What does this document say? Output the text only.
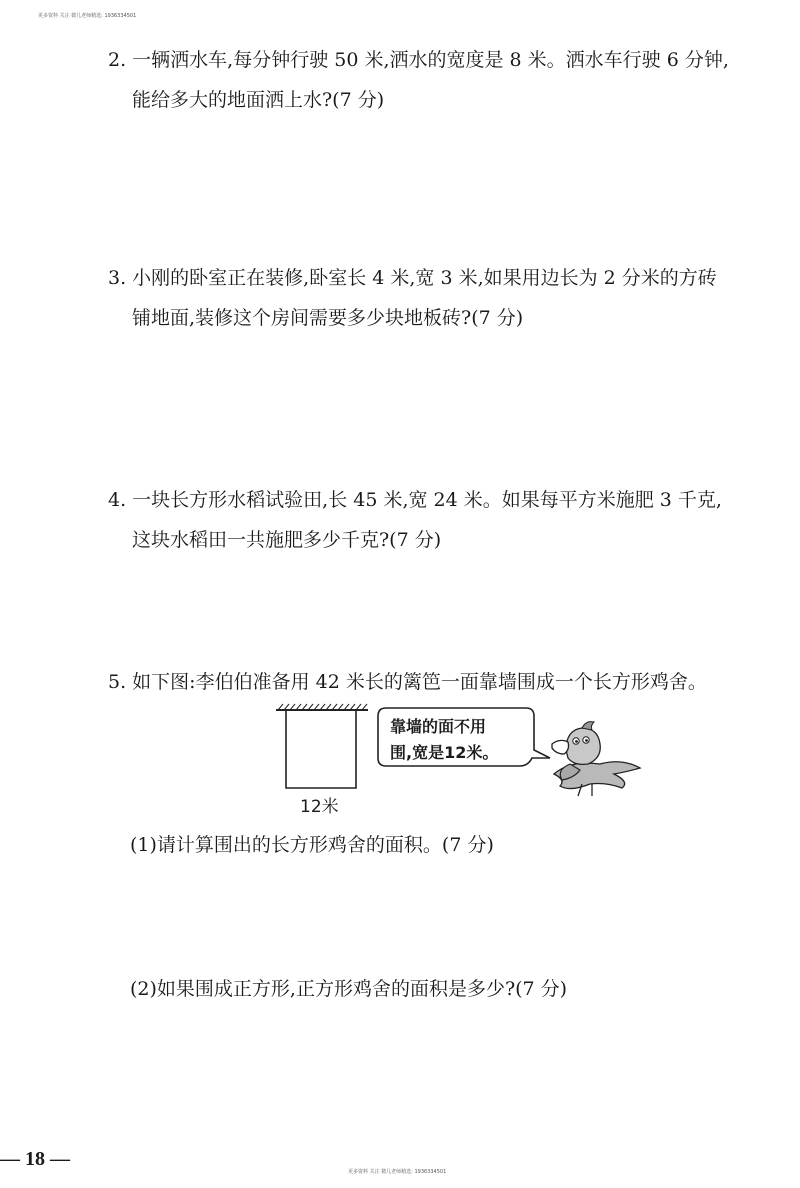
更多资料 关注 微儿老师精选: 1936334501
2. 一辆洒水车,每分钟行驶 50 米,洒水的宽度是 8 米。洒水车行驶 6 分钟,
能给多大的地面洒上水?(7 分)
3. 小刚的卧室正在装修,卧室长 4 米,宽 3 米,如果用边长为 2 分米的方砖
铺地面,装修这个房间需要多少块地板砖?(7 分)
4. 一块长方形水稻试验田,长 45 米,宽 24 米。如果每平方米施肥 3 千克,
这块水稻田一共施肥多少千克?(7 分)
5. 如下图:李伯伯准备用 42 米长的篱笆一面靠墙围成一个长方形鸡舍。
12米
靠墙的面不用
围,宽是12米。
(1)请计算围出的长方形鸡舍的面积。(7 分)
(2)如果围成正方形,正方形鸡舍的面积是多少?(7 分)
— 18 —
更多资料 关注 微儿老师精选: 1936334501
